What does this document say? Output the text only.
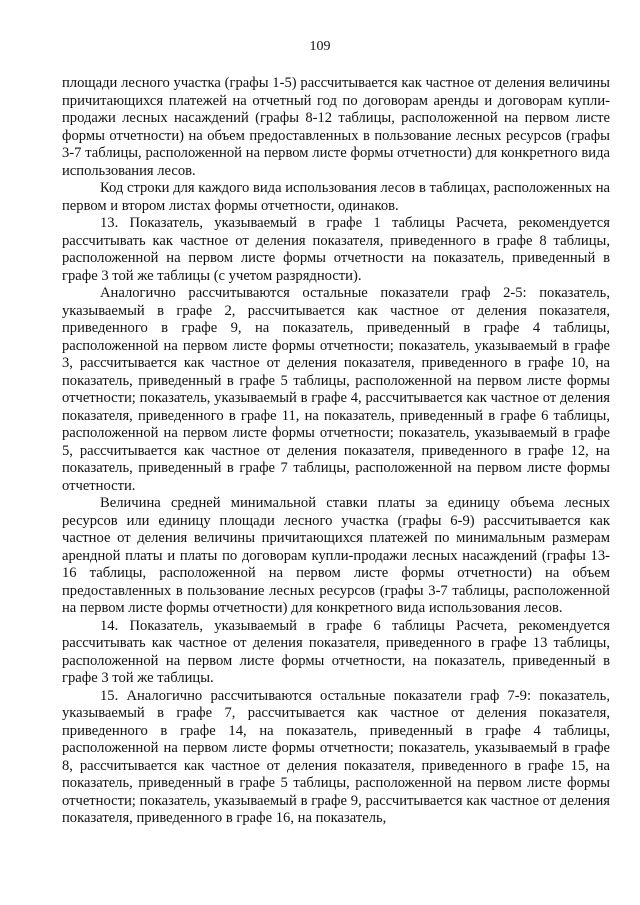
109

площади лесного участка (графы 1-5) рассчитывается как частное от деления величины причитающихся платежей на отчетный год по договорам аренды и договорам купли-продажи лесных насаждений (графы 8-12 таблицы, расположенной на первом листе формы отчетности) на объем предоставленных в пользование лесных ресурсов (графы 3-7 таблицы, расположенной на первом листе формы отчетности) для конкретного вида использования лесов.

Код строки для каждого вида использования лесов в таблицах, расположенных на первом и втором листах формы отчетности, одинаков.

13. Показатель, указываемый в графе 1 таблицы Расчета, рекомендуется рассчитывать как частное от деления показателя, приведенного в графе 8 таблицы, расположенной на первом листе формы отчетности на показатель, приведенный в графе 3 той же таблицы (с учетом разрядности).

Аналогично рассчитываются остальные показатели граф 2-5: показатель, указываемый в графе 2, рассчитывается как частное от деления показателя, приведенного в графе 9, на показатель, приведенный в графе 4 таблицы, расположенной на первом листе формы отчетности; показатель, указываемый в графе 3, рассчитывается как частное от деления показателя, приведенного в графе 10, на показатель, приведенный в графе 5 таблицы, расположенной на первом листе формы отчетности; показатель, указываемый в графе 4, рассчитывается как частное от деления показателя, приведенного в графе 11, на показатель, приведенный в графе 6 таблицы, расположенной на первом листе формы отчетности; показатель, указываемый в графе 5, рассчитывается как частное от деления показателя, приведенного в графе 12, на показатель, приведенный в графе 7 таблицы, расположенной на первом листе формы отчетности.

Величина средней минимальной ставки платы за единицу объема лесных ресурсов или единицу площади лесного участка (графы 6-9) рассчитывается как частное от деления величины причитающихся платежей по минимальным размерам арендной платы и платы по договорам купли-продажи лесных насаждений (графы 13-16 таблицы, расположенной на первом листе формы отчетности) на объем предоставленных в пользование лесных ресурсов (графы 3-7 таблицы, расположенной на первом листе формы отчетности) для конкретного вида использования лесов.

14. Показатель, указываемый в графе 6 таблицы Расчета, рекомендуется рассчитывать как частное от деления показателя, приведенного в графе 13 таблицы, расположенной на первом листе формы отчетности, на показатель, приведенный в графе 3 той же таблицы.

15. Аналогично рассчитываются остальные показатели граф 7-9: показатель, указываемый в графе 7, рассчитывается как частное от деления показателя, приведенного в графе 14, на показатель, приведенный в графе 4 таблицы, расположенной на первом листе формы отчетности; показатель, указываемый в графе 8, рассчитывается как частное от деления показателя, приведенного в графе 15, на показатель, приведенный в графе 5 таблицы, расположенной на первом листе формы отчетности; показатель, указываемый в графе 9, рассчитывается как частное от деления показателя, приведенного в графе 16, на показатель,
